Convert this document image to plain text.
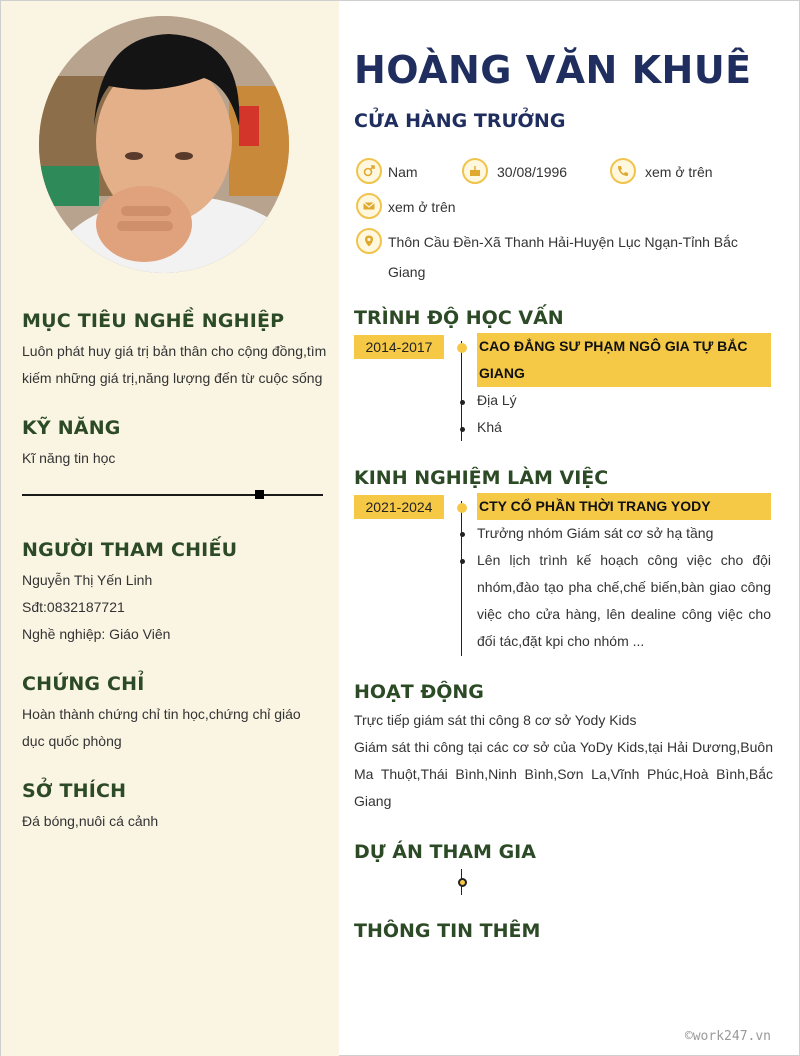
MỤC TIÊU NGHỀ NGHIỆP

Luôn phát huy giá trị bản thân cho cộng đồng,tìm kiếm những giá trị,năng lượng đến từ cuộc sống

KỸ NĂNG

Kĩ năng tin học

NGƯỜI THAM CHIẾU

Nguyễn Thị Yến Linh

Sđt:0832187721

Nghề nghiệp: Giáo Viên

CHỨNG CHỈ

Hoàn thành chứng chỉ tin học,chứng chỉ giáo dục quốc phòng

SỞ THÍCH

Đá bóng,nuôi cá cảnh

HOÀNG VĂN KHUÊ
CỬA HÀNG TRƯỞNG
Nam	30/08/1996	xem ở trên
xem ở trên
Thôn Cầu Đền-Xã Thanh Hải-Huyện Lục Ngạn-Tỉnh Bắc Giang
TRÌNH ĐỘ HỌC VẤN
2014-2017	CAO ĐẲNG SƯ PHẠM NGÔ GIA TỰ BẮC GIANG
Địa Lý
Khá
KINH NGHIỆM LÀM VIỆC
2021-2024	CTY CỔ PHẦN THỜI TRANG YODY
Trưởng nhóm Giám sát cơ sở hạ tầng
Lên lịch trình kế hoạch công việc cho đội nhóm,đào tạo pha chế,chế biến,bàn giao công việc cho cửa hàng, lên dealine công việc cho đối tác,đặt kpi cho nhóm ...
HOẠT ĐỘNG
Trực tiếp giám sát thi công 8 cơ sở Yody Kids
Giám sát thi công tại các cơ sở của YoDy Kids,tại Hải Dương,Buôn Ma Thuột,Thái Bình,Ninh Bình,Sơn La,Vĩnh Phúc,Hoà Bình,Bắc Giang
DỰ ÁN THAM GIA
THÔNG TIN THÊM
©work247.vn
